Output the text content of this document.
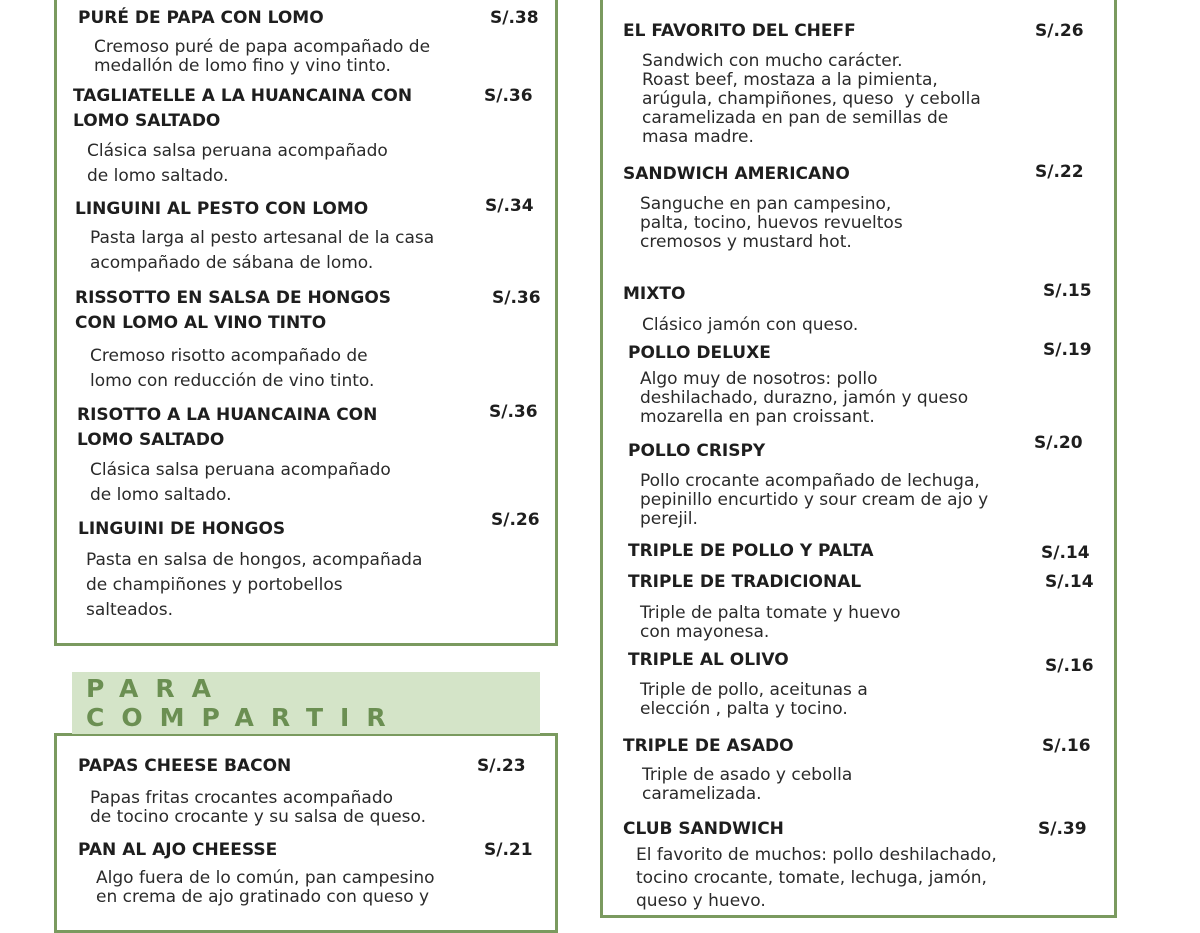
PARA COMPARTIR
PURÉ DE PAPA CON LOMO	S/.38
Cremoso puré de papa acompañado de
medallón de lomo fino y vino tinto.
TAGLIATELLE A LA HUANCAINA CON
LOMO SALTADO
S/.36
Clásica salsa peruana acompañado
de lomo saltado.
LINGUINI AL PESTO CON LOMO	S/.34
Pasta larga al pesto artesanal de la casa
acompañado de sábana de lomo.
RISSOTTO EN SALSA DE HONGOS
CON LOMO AL VINO TINTO
S/.36
Cremoso risotto acompañado de
lomo con reducción de vino tinto.
RISOTTO A LA HUANCAINA CON
LOMO SALTADO
S/.36
Clásica salsa peruana acompañado
de lomo saltado.
LINGUINI DE HONGOS	S/.26
Pasta en salsa de hongos, acompañada
de champiñones y portobellos
salteados.
PAPAS CHEESE BACON	S/.23
Papas fritas crocantes acompañado
de tocino crocante y su salsa de queso.
PAN AL AJO CHEESSE	S/.21
Algo fuera de lo común, pan campesino
en crema de ajo gratinado con queso y
EL FAVORITO DEL CHEFF	S/.26
Sandwich con mucho carácter.
Roast beef, mostaza a la pimienta,
arúgula, champiñones, queso  y cebolla
caramelizada en pan de semillas de
masa madre.
SANDWICH AMERICANO	S/.22
Sanguche en pan campesino,
palta, tocino, huevos revueltos
cremosos y mustard hot.
MIXTO	S/.15
Clásico jamón con queso.
POLLO DELUXE	S/.19
Algo muy de nosotros: pollo
deshilachado, durazno, jamón y queso
mozarella en pan croissant.
POLLO CRISPY	S/.20
Pollo crocante acompañado de lechuga,
pepinillo encurtido y sour cream de ajo y
perejil.
TRIPLE DE POLLO Y PALTA	S/.14
TRIPLE DE TRADICIONAL	S/.14
Triple de palta tomate y huevo
con mayonesa.
TRIPLE AL OLIVO	S/.16
Triple de pollo, aceitunas a
elección , palta y tocino.
TRIPLE DE ASADO	S/.16
Triple de asado y cebolla
caramelizada.
CLUB SANDWICH	S/.39
El favorito de muchos: pollo deshilachado,
tocino crocante, tomate, lechuga, jamón,
queso y huevo.
